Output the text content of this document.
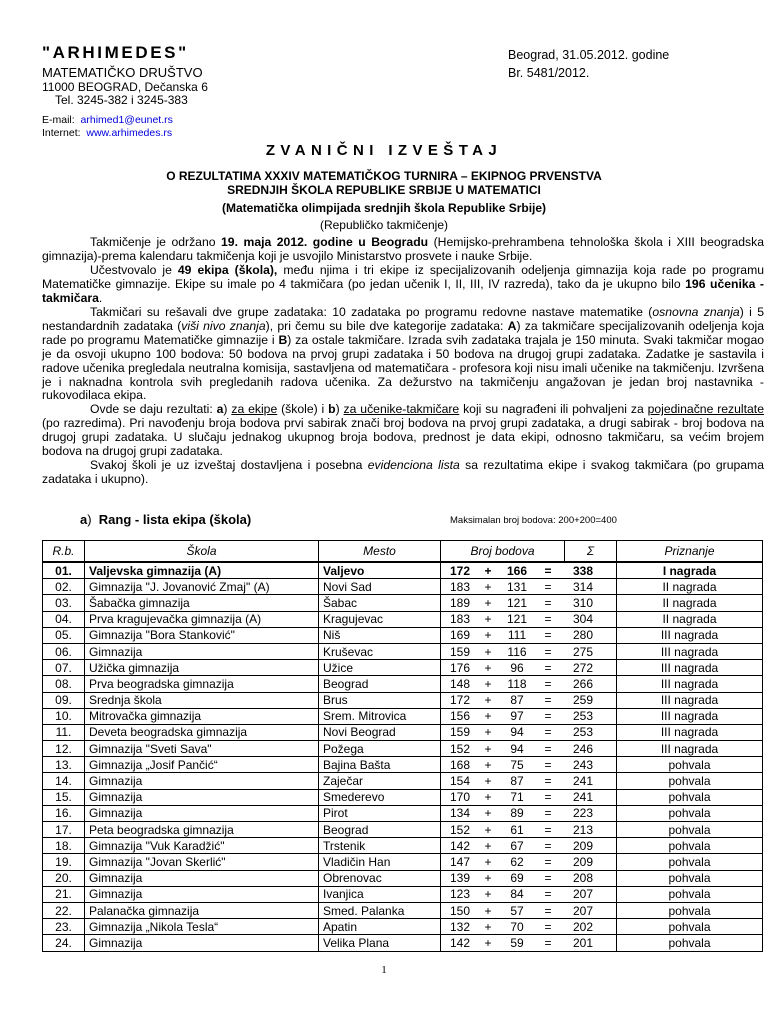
"ARHIMEDES"
MATEMATIČKO DRUŠTVO
11000 BEOGRAD, Dečanska 6
Tel. 3245-382 i 3245-383
E-mail: arhimed1@eunet.rs
Internet: www.arhimedes.rs
Beograd, 31.05.2012. godine
Br. 5481/2012.
ZVANIČNI IZVEŠTAJ
O REZULTATIMA XXXIV MATEMATIČKOG TURNIRA – EKIPNOG PRVENSTVA
SREDNJIH ŠKOLA REPUBLIKE SRBIJE U MATEMATICI
(Matematička olimpijada srednjih škola Republike Srbije)
(Republičko takmičenje)

Takmičenje je održano 19. maja 2012. godine u Beogradu (Hemijsko-prehrambena tehnološka škola i XIII beogradska gimnazija)-prema kalendaru takmičenja koji je usvojilo Ministarstvo prosvete i nauke Srbije.

Učestvovalo je 49 ekipa (škola), među njima i tri ekipe iz specijalizovanih odeljenja gimnazija koja rade po programu Matematičke gimnazije. Ekipe su imale po 4 takmičara (po jedan učenik I, II, III, IV razreda), tako da je ukupno bilo 196 učenika - takmičara.

Takmičari su rešavali dve grupe zadataka: 10 zadataka po programu redovne nastave matematike (osnovna znanja) i 5 nestandardnih zadataka (viši nivo znanja), pri čemu su bile dve kategorije zadataka: A) za takmičare specijalizovanih odeljenja koja rade po programu Matematičke gimnazije i B) za ostale takmičare. Izrada svih zadataka trajala je 150 minuta. Svaki takmičar mogao je da osvoji ukupno 100 bodova: 50 bodova na prvoj grupi zadataka i 50 bodova na drugoj grupi zadataka. Zadatke je sastavila i radove učenika pregledala neutralna komisija, sastavljena od matematičara - profesora koji nisu imali učenike na takmičenju. Izvršena je i naknadna kontrola svih pregledanih radova učenika. Za dežurstvo na takmičenju angažovan je jedan broj nastavnika - rukovodilaca ekipa.

Ovde se daju rezultati: a) za ekipe (škole) i b) za učenike-takmičare koji su nagrađeni ili pohvaljeni za pojedinačne rezultate (po razredima). Pri navođenju broja bodova prvi sabirak znači broj bodova na prvoj grupi zadataka, a drugi sabirak - broj bodova na drugoj grupi zadataka. U slučaju jednakog ukupnog broja bodova, prednost je data ekipi, odnosno takmičaru, sa većim brojem bodova na drugoj grupi zadataka.

Svakoj školi je uz izveštaj dostavljena i posebna evidenciona lista sa rezultatima ekipe i svakog takmičara (po grupama zadataka i ukupno).

a)  Rang - lista ekipa (škola)	Maksimalan broj bodova: 200+200=400
R.b.	Škola	Mesto	Broj bodova	Σ	Priznanje
01.	Valjevska gimnazija (A)	Valjevo	172 + 166 = 338		I nagrada
02.	Gimnazija "J. Jovanović Zmaj" (A)	Novi Sad	183 + 131 = 314		II nagrada
03.	Šabačka gimnazija	Šabac	189 + 121 = 310		II nagrada
04.	Prva kragujevačka gimnazija (A)	Kragujevac	183 + 121 = 304		II nagrada
05.	Gimnazija "Bora Stanković"	Niš	169 + 111 = 280		III nagrada
06.	Gimnazija	Kruševac	159 + 116 = 275		III nagrada
07.	Užička gimnazija	Užice	176 + 96 = 272		III nagrada
08.	Prva beogradska gimnazija	Beograd	148 + 118 = 266		III nagrada
09.	Srednja škola	Brus	172 + 87 = 259		III nagrada
10.	Mitrovačka gimnazija	Srem. Mitrovica	156 + 97 = 253		III nagrada
11.	Deveta beogradska gimnazija	Novi Beograd	159 + 94 = 253		III nagrada
12.	Gimnazija "Sveti Sava"	Požega	152 + 94 = 246		III nagrada
13.	Gimnazija „Josif Pančić“	Bajina Bašta	168 + 75 = 243		pohvala
14.	Gimnazija	Zaječar	154 + 87 = 241		pohvala
15.	Gimnazija	Smederevo	170 + 71 = 241		pohvala
16.	Gimnazija	Pirot	134 + 89 = 223		pohvala
17.	Peta beogradska gimnazija	Beograd	152 + 61 = 213		pohvala
18.	Gimnazija "Vuk Karadžić"	Trstenik	142 + 67 = 209		pohvala
19.	Gimnazija "Jovan Skerlić"	Vladičin Han	147 + 62 = 209		pohvala
20.	Gimnazija	Obrenovac	139 + 69 = 208		pohvala
21.	Gimnazija	Ivanjica	123 + 84 = 207		pohvala
22.	Palanačka gimnazija	Smed. Palanka	150 + 57 = 207		pohvala
23.	Gimnazija „Nikola Tesla“	Apatin	132 + 70 = 202		pohvala
24.	Gimnazija	Velika Plana	142 + 59 = 201		pohvala
1
